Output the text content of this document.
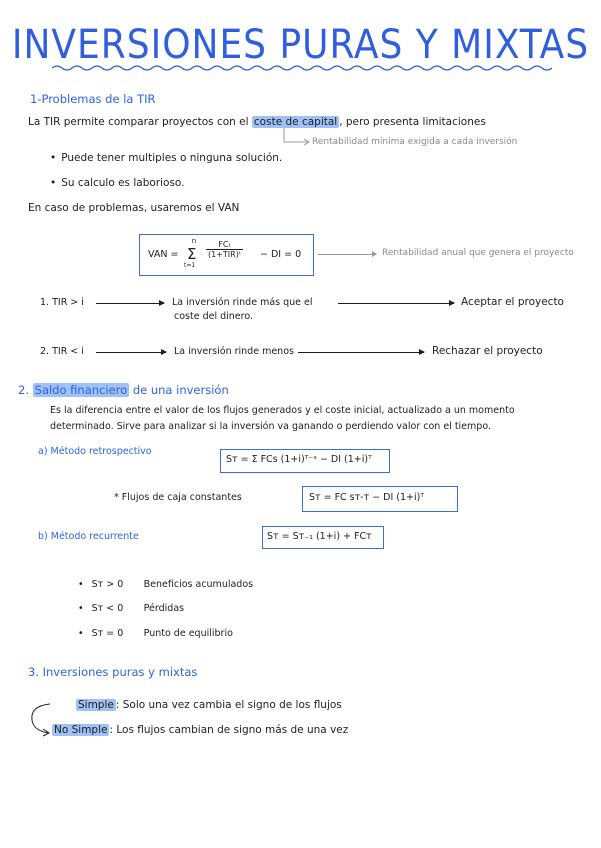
INVERSIONES PURAS Y MIXTAS
1-Problemas de la TIR
La TIR permite comparar proyectos con el coste de capital , pero presenta limitaciones
Rentabilidad mínima exigida a cada inversión
• Puede tener multiples o ninguna solución.
• Su calculo es laborioso.
En caso de problemas, usaremos el VAN
VAN =
n
Σ
t=1
$\frac{\text{FCₜ}}{\text{(1+TIR)ᵗ}}$ − DI = 0	Rentabilidad anual que genera el proyecto
1. TIR > i	La inversión rinde más que el
coste del dinero.
Aceptar el proyecto
2. TIR < i	La inversión rinde menos	Rechazar el proyecto
2. Saldo financiero de una inversión
Es la diferencia entre el valor de los flujos generados y el coste inicial, actualizado a un momento
determinado. Sirve para analizar si la inversión va ganando o perdiendo valor con el tiempo.
a) Método retrospectivo
Sт = Σ FCs (1+i)ᵀ⁻ˢ − DI (1+i)ᵀ
* Flujos de caja constantes	Sт = FC sт-т − DI (1+i)ᵀ
b) Método recurrente	Sт = Sт₋₁ (1+i) + FCт
• Sт > 0 Beneficios acumulados
• Sт < 0 Pérdidas
• Sт = 0 Punto de equilibrio
3. Inversiones puras y mixtas
Simple : Solo una vez cambia el signo de los flujos
No Simple : Los flujos cambian de signo más de una vez
